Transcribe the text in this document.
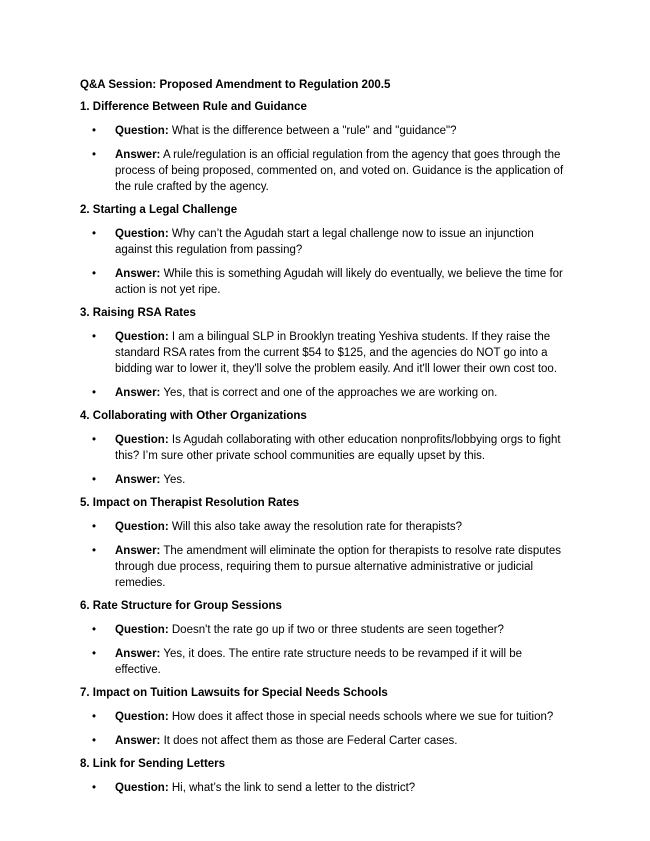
Q&A Session: Proposed Amendment to Regulation 200.5
1. Difference Between Rule and Guidance
• Question: What is the difference between a "rule" and "guidance"?
• Answer: A rule/regulation is an official regulation from the agency that goes through the process of being proposed, commented on, and voted on. Guidance is the application of the rule crafted by the agency.
2. Starting a Legal Challenge
• Question: Why can’t the Agudah start a legal challenge now to issue an injunction against this regulation from passing?
• Answer: While this is something Agudah will likely do eventually, we believe the time for action is not yet ripe.
3. Raising RSA Rates
• Question: I am a bilingual SLP in Brooklyn treating Yeshiva students. If they raise the standard RSA rates from the current $54 to $125, and the agencies do NOT go into a bidding war to lower it, they'll solve the problem easily. And it'll lower their own cost too.
• Answer: Yes, that is correct and one of the approaches we are working on.
4. Collaborating with Other Organizations
• Question: Is Agudah collaborating with other education nonprofits/lobbying orgs to fight this? I’m sure other private school communities are equally upset by this.
• Answer: Yes.
5. Impact on Therapist Resolution Rates
• Question: Will this also take away the resolution rate for therapists?
• Answer: The amendment will eliminate the option for therapists to resolve rate disputes through due process, requiring them to pursue alternative administrative or judicial remedies.
6. Rate Structure for Group Sessions
• Question: Doesn't the rate go up if two or three students are seen together?
• Answer: Yes, it does. The entire rate structure needs to be revamped if it will be effective.
7. Impact on Tuition Lawsuits for Special Needs Schools
• Question: How does it affect those in special needs schools where we sue for tuition?
• Answer: It does not affect them as those are Federal Carter cases.
8. Link for Sending Letters
• Question: Hi, what’s the link to send a letter to the district?
